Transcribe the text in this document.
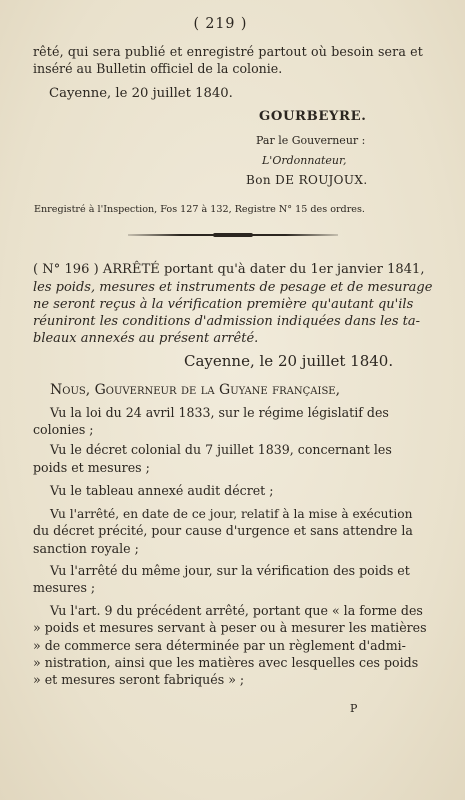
( 219 )
rêté, qui sera publié et enregistré partout où besoin sera et
inséré au Bulletin officiel de la colonie.
Cayenne, le 20 juillet 1840.
GOURBEYRE.
Par le Gouverneur :
L'Ordonnateur,
Bon DE ROUJOUX.
Enregistré à l'Inspection, Fos 127 à 132, Registre N° 15 des ordres.
( N° 196 ) ARRÊTÉ portant qu'à dater du 1er janvier 1841,
les poids, mesures et instruments de pesage et de mesurage
ne seront reçus à la vérification première qu'autant qu'ils
réuniront les conditions d'admission indiquées dans les ta-
bleaux annexés au présent arrêté.
Cayenne, le 20 juillet 1840.
Nous, Gouverneur de la Guyane française,
Vu la loi du 24 avril 1833, sur le régime législatif des
colonies ;
Vu le décret colonial du 7 juillet 1839, concernant les
poids et mesures ;
Vu le tableau annexé audit décret ;
Vu l'arrêté, en date de ce jour, relatif à la mise à exécution
du décret précité, pour cause d'urgence et sans attendre la
sanction royale ;
Vu l'arrêté du même jour, sur la vérification des poids et
mesures ;
Vu l'art. 9 du précédent arrêté, portant que « la forme des
» poids et mesures servant à peser ou à mesurer les matières
» de commerce sera déterminée par un règlement d'admi-
» nistration, ainsi que les matières avec lesquelles ces poids
» et mesures seront fabriqués » ;
P
